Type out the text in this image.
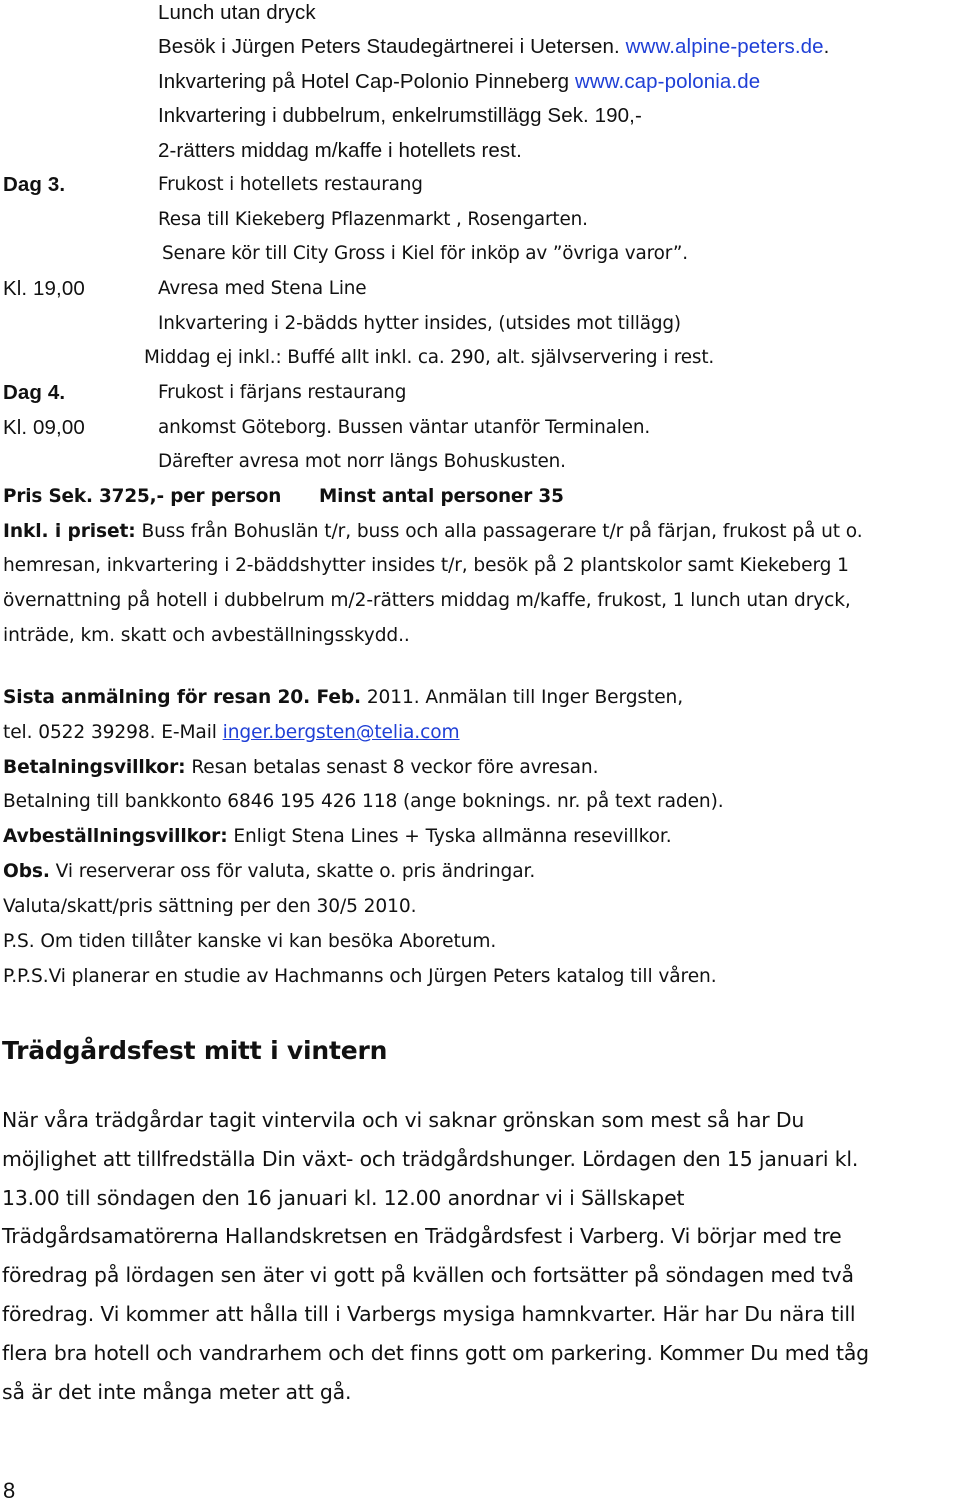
Lunch utan dryck
Besök i Jürgen Peters Staudegärtnerei i Uetersen. www.alpine-peters.de.
Inkvartering på Hotel Cap-Polonio Pinneberg www.cap-polonia.de
Inkvartering i dubbelrum, enkelrumstillägg Sek. 190,-
2-rätters middag m/kaffe i hotellets rest.
Dag 3.	Frukost i hotellets restaurang
Resa till Kiekeberg Pflazenmarkt , Rosengarten.
Senare kör till City Gross i Kiel för inköp av ”övriga varor”.
Kl. 19,00	Avresa med Stena Line
Inkvartering i 2-bädds hytter insides, (utsides mot tillägg)
Middag ej inkl.: Buffé allt inkl. ca. 290, alt. självservering i rest.
Dag 4.	Frukost i färjans restaurang
Kl. 09,00	ankomst Göteborg. Bussen väntar utanför Terminalen.
Därefter avresa mot norr längs Bohuskusten.
Pris Sek. 3725,- per person Minst antal personer 35
Inkl. i priset: Buss från Bohuslän t/r, buss och alla passagerare t/r på färjan, frukost på ut o.
hemresan, inkvartering i 2-bäddshytter insides t/r, besök på 2 plantskolor samt Kiekeberg 1
övernattning på hotell i dubbelrum m/2-rätters middag m/kaffe, frukost, 1 lunch utan dryck,
inträde, km. skatt och avbeställningsskydd..
Sista anmälning för resan 20. Feb. 2011. Anmälan till Inger Bergsten,
tel. 0522 39298. E-Mail inger.bergsten@telia.com
Betalningsvillkor: Resan betalas senast 8 veckor före avresan.
Betalning till bankkonto 6846 195 426 118 (ange boknings. nr. på text raden).
Avbeställningsvillkor: Enligt Stena Lines + Tyska allmänna resevillkor.
Obs. Vi reserverar oss för valuta, skatte o. pris ändringar.
Valuta/skatt/pris sättning per den 30/5 2010.
P.S. Om tiden tillåter kanske vi kan besöka Aboretum.
P.P.S.Vi planerar en studie av Hachmanns och Jürgen Peters katalog till våren.
Trädgårdsfest mitt i vintern
När våra trädgårdar tagit vintervila och vi saknar grönskan som mest så har Du
möjlighet att tillfredställa Din växt- och trädgårdshunger. Lördagen den 15 januari kl.
13.00 till söndagen den 16 januari kl. 12.00 anordnar vi i Sällskapet
Trädgårdsamatörerna Hallandskretsen en Trädgårdsfest i Varberg. Vi börjar med tre
föredrag på lördagen sen äter vi gott på kvällen och fortsätter på söndagen med två
föredrag. Vi kommer att hålla till i Varbergs mysiga hamnkvarter. Här har Du nära till
flera bra hotell och vandrarhem och det finns gott om parkering. Kommer Du med tåg
så är det inte många meter att gå.
8
